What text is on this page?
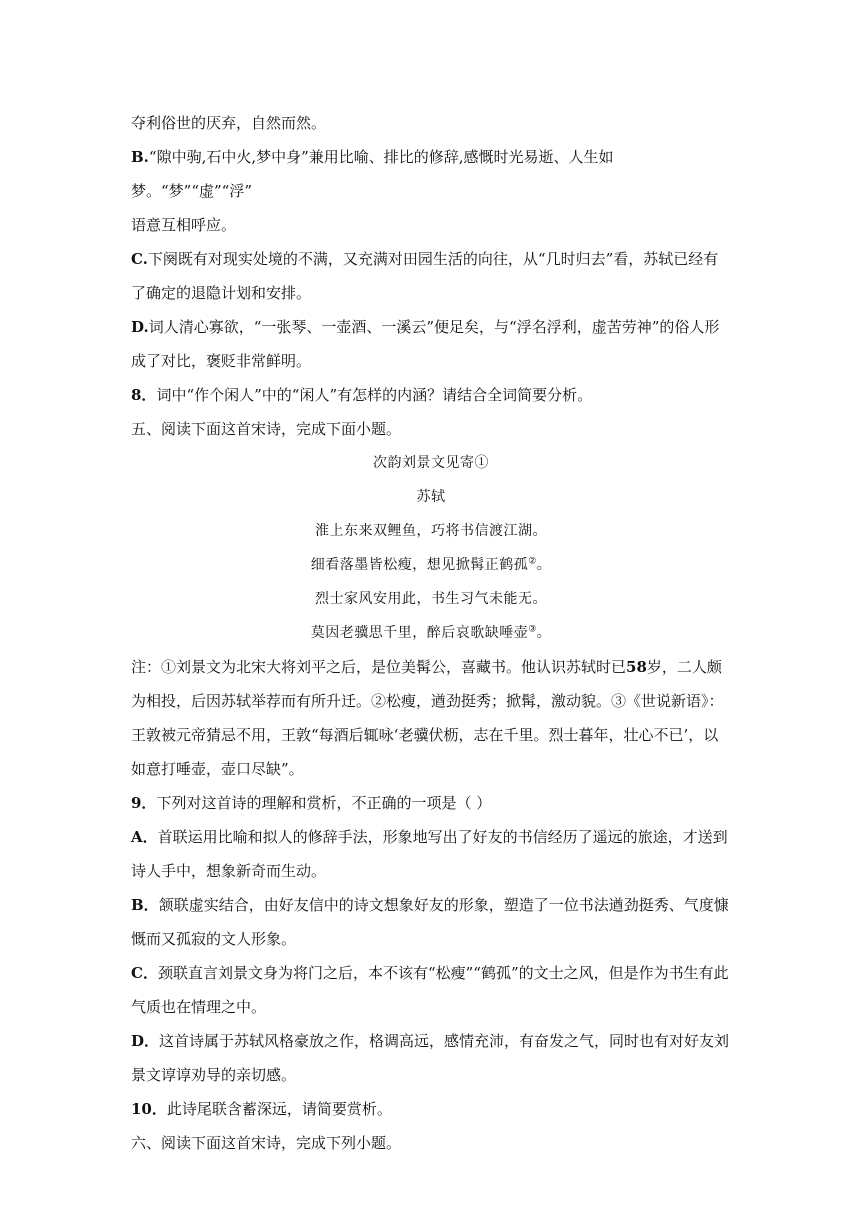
夺利俗世的厌弃，自然而然。

B.“隙中驹,石中火,梦中身”兼用比喻、排比的修辞,感慨时光易逝、人生如梦。“梦”“虚”“浮”

语意互相呼应。

C.下阕既有对现实处境的不满，又充满对田园生活的向往，从“几时归去”看，苏轼已经有

了确定的退隐计划和安排。

D.词人清心寡欲，“一张琴、一壶酒、一溪云”便足矣，与“浮名浮利，虚苦劳神”的俗人形

成了对比，褒贬非常鲜明。

8．词中“作个闲人”中的“闲人”有怎样的内涵？请结合全词简要分析。

五、阅读下面这首宋诗，完成下面小题。

次韵刘景文见寄①

苏轼

淮上东来双鲤鱼，巧将书信渡江湖。

细看落墨皆松瘦，想见掀髯正鹤孤②。

烈士家风安用此，书生习气未能无。

莫因老骥思千里，醉后哀歌缺唾壶③。

注：①刘景文为北宋大将刘平之后，是位美髯公，喜藏书。他认识苏轼时已58岁，二人颇

为相投，后因苏轼举荐而有所升迁。②松瘦，遒劲挺秀；掀髯，激动貌。③《世说新语》：

王敦被元帝猜忌不用，王敦“每酒后辄咏‘老骥伏枥，志在千里。烈士暮年，壮心不已’，以

如意打唾壶，壶口尽缺”。

9．下列对这首诗的理解和赏析，不正确的一项是（ ）

A．首联运用比喻和拟人的修辞手法，形象地写出了好友的书信经历了遥远的旅途，才送到

诗人手中，想象新奇而生动。

B．颔联虚实结合，由好友信中的诗文想象好友的形象，塑造了一位书法遒劲挺秀、气度慷

慨而又孤寂的文人形象。

C．颈联直言刘景文身为将门之后，本不该有“松瘦”“鹤孤”的文士之风，但是作为书生有此

气质也在情理之中。

D．这首诗属于苏轼风格豪放之作，格调高远，感情充沛，有奋发之气，同时也有对好友刘

景文谆谆劝导的亲切感。

10．此诗尾联含蓄深远，请简要赏析。

六、阅读下面这首宋诗，完成下列小题。
